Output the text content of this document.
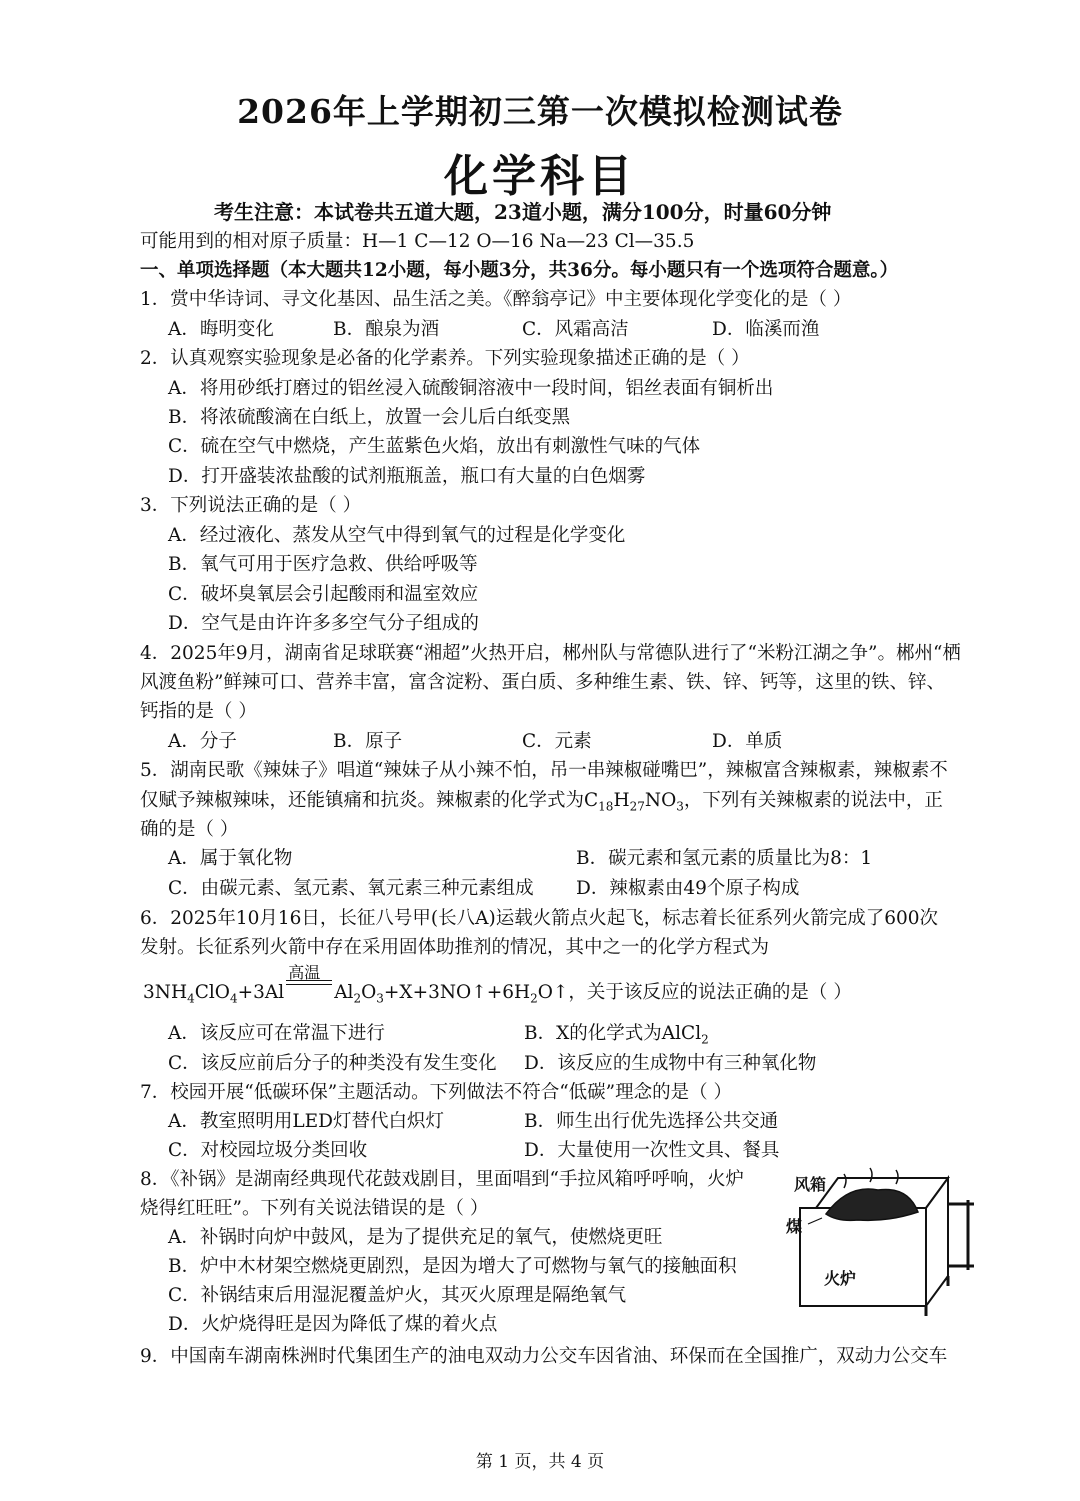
2026年上学期初三第一次模拟检测试卷
化学科目
考生注意：本试卷共五道大题，23道小题，满分100分，时量60分钟
可能用到的相对原子质量：H—1 C—12 O—16 Na—23 Cl—35.5
一、单项选择题（本大题共12小题，每小题3分，共36分。每小题只有一个选项符合题意。）
1．赏中华诗词、寻文化基因、品生活之美。《醉翁亭记》中主要体现化学变化的是（ ）
A．晦明变化	B．酿泉为酒	C．风霜高洁	D．临溪而渔
2．认真观察实验现象是必备的化学素养。下列实验现象描述正确的是（ ）
A．将用砂纸打磨过的铝丝浸入硫酸铜溶液中一段时间，铝丝表面有铜析出
B．将浓硫酸滴在白纸上，放置一会儿后白纸变黑
C．硫在空气中燃烧，产生蓝紫色火焰，放出有刺激性气味的气体
D．打开盛装浓盐酸的试剂瓶瓶盖，瓶口有大量的白色烟雾
3．下列说法正确的是（ ）
A．经过液化、蒸发从空气中得到氧气的过程是化学变化
B．氧气可用于医疗急救、供给呼吸等
C．破坏臭氧层会引起酸雨和温室效应
D．空气是由许许多多空气分子组成的
4．2025年9月，湖南省足球联赛“湘超”火热开启，郴州队与常德队进行了“米粉江湖之争”。郴州“栖
风渡鱼粉”鲜辣可口、营养丰富，富含淀粉、蛋白质、多种维生素、铁、锌、钙等，这里的铁、锌、
钙指的是（ ）
A．分子	B．原子	C．元素	D．单质
5．湖南民歌《辣妹子》唱道“辣妹子从小辣不怕，吊一串辣椒碰嘴巴”，辣椒富含辣椒素，辣椒素不
仅赋予辣椒辣味，还能镇痛和抗炎。辣椒素的化学式为$C_{18}H_{27}NO_3$，下列有关辣椒素的说法中，正
确的是（ ）
A．属于氧化物	B．碳元素和氢元素的质量比为8：1
C．由碳元素、氢元素、氧元素三种元素组成 D．辣椒素由49个原子构成
6．2025年10月16日，长征八号甲(长八A)运载火箭点火起飞，标志着长征系列火箭完成了600次
发射。长征系列火箭中存在采用固体助推剂的情况，其中之一的化学方程式为
$3NH_4ClO_4+3Al$
高温
$Al_2O_3+X+3NO↑+6H_2O↑$，关于该反应的说法正确的是（ ）
A．该反应可在常温下进行	B．X的化学式为AlCl$_2$
C．该反应前后分子的种类没有发生变化 D．该反应的生成物中有三种氧化物
7．校园开展“低碳环保”主题活动。下列做法不符合“低碳”理念的是（ ）
A．教室照明用LED灯替代白炽灯	B．师生出行优先选择公共交通
C．对校园垃圾分类回收	D．大量使用一次性文具、餐具
8．《补锅》是湖南经典现代花鼓戏剧目，里面唱到“手拉风箱呼呼响，火炉
烧得红旺旺”。下列有关说法错误的是（ ）
A．补锅时向炉中鼓风，是为了提供充足的氧气，使燃烧更旺
B．炉中木材架空燃烧更剧烈，是因为增大了可燃物与氧气的接触面积
C．补锅结束后用湿泥覆盖炉火，其灭火原理是隔绝氧气
D．火炉烧得旺是因为降低了煤的着火点
风箱
煤
火炉
9．中国南车湖南株洲时代集团生产的油电双动力公交车因省油、环保而在全国推广，双动力公交车
第 1 页，共 4 页
